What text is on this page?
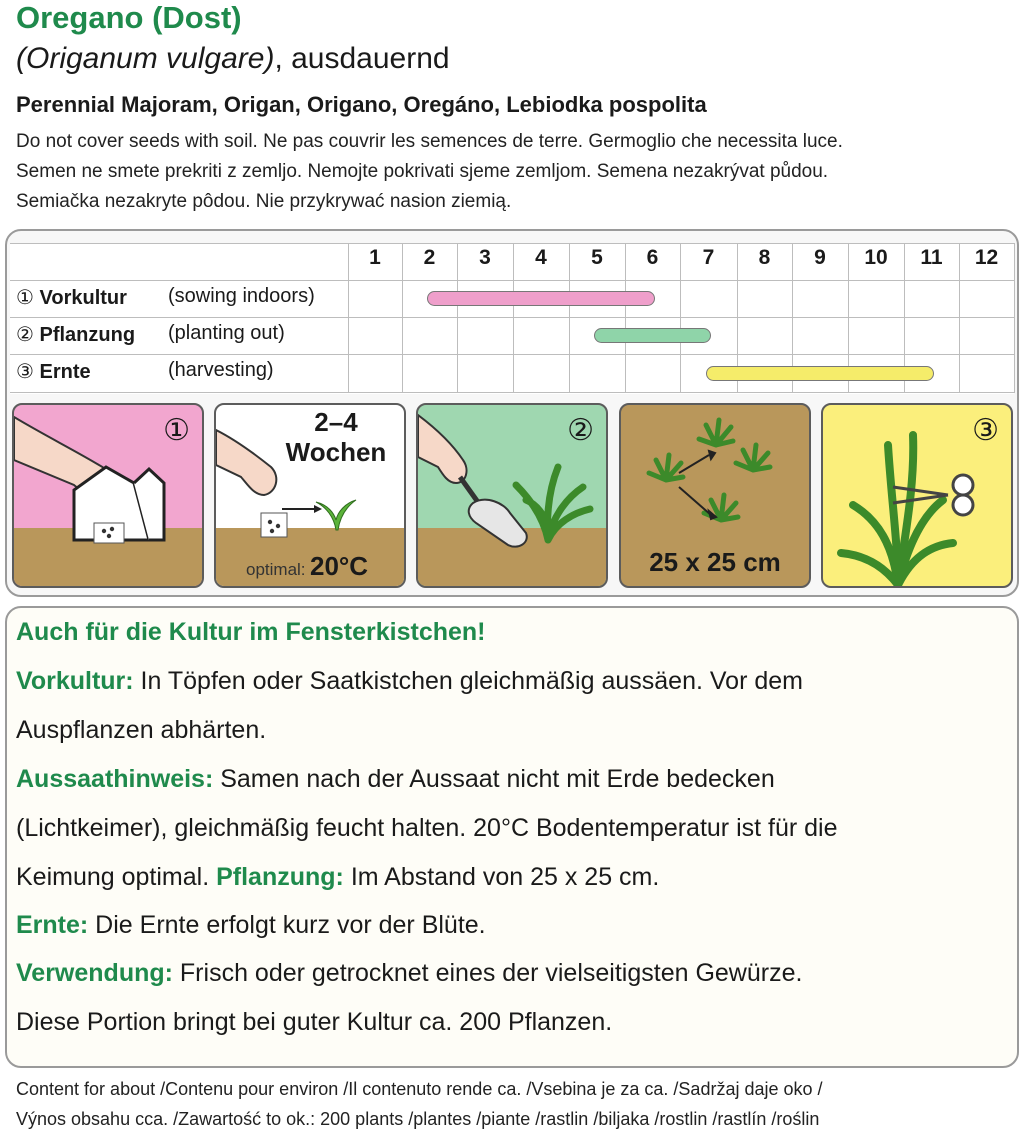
Oregano (Dost)
(Origanum vulgare), ausdauernd
Perennial Majoram, Origan, Origano, Oregáno, Lebiodka pospolita
Do not cover seeds with soil. Ne pas couvrir les semences de terre. Germoglio che necessita luce.
Semen ne smete prekriti z zemljo. Nemojte pokrivati sjeme zemljom. Semena nezakrývat půdou.
Semiačka nezakryte pôdou. Nie przykrywać nasion ziemią.
1	2	3	4	5	6	7	8	9	10	11	12
① Vorkultur (sowing indoors)
② Pflanzung (planting out)
③ Ernte	(harvesting)
①	2–4
Wochen
optimal: 20°C
②
25 x 25 cm
③
Auch für die Kultur im Fensterkistchen!
Vorkultur: In Töpfen oder Saatkistchen gleichmäßig aussäen. Vor dem
Auspflanzen abhärten.
Aussaathinweis: Samen nach der Aussaat nicht mit Erde bedecken
(Lichtkeimer), gleichmäßig feucht halten. 20°C Bodentemperatur ist für die
Keimung optimal. Pflanzung: Im Abstand von 25 x 25 cm.
Ernte: Die Ernte erfolgt kurz vor der Blüte.
Verwendung: Frisch oder getrocknet eines der vielseitigsten Gewürze.
Diese Portion bringt bei guter Kultur ca. 200 Pflanzen.
Content for about /Contenu pour environ /Il contenuto rende ca. /Vsebina je za ca. /Sadržaj daje oko /
Výnos obsahu cca. /Zawartość to ok.: 200 plants /plantes /piante /rastlin /biljaka /rostlin /rastlín /roślin
